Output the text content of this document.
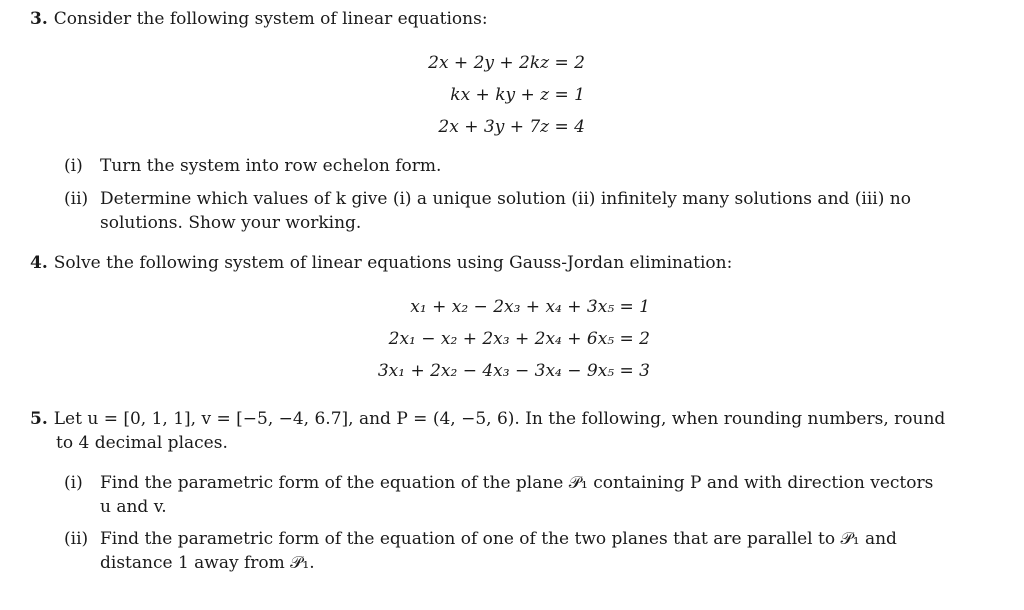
3. Consider the following system of linear equations:
2x + 2y + 2kz = 2
kx + ky + z = 1
2x + 3y + 7z = 4
(i) Turn the system into row echelon form.
(ii) Determine which values of k give (i) a unique solution (ii) infinitely many solutions and (iii) no
solutions. Show your working.
4. Solve the following system of linear equations using Gauss-Jordan elimination:
x₁ + x₂ − 2x₃ + x₄ + 3x₅ = 1
2x₁ − x₂ + 2x₃ + 2x₄ + 6x₅ = 2
3x₁ + 2x₂ − 4x₃ − 3x₄ − 9x₅ = 3
5. Let u = [0, 1, 1], v = [−5, −4, 6.7], and P = (4, −5, 6). In the following, when rounding numbers, round
to 4 decimal places.
(i) Find the parametric form of the equation of the plane 𝒫₁ containing P and with direction vectors
u and v.
(ii) Find the parametric form of the equation of one of the two planes that are parallel to 𝒫₁ and
distance 1 away from 𝒫₁.
